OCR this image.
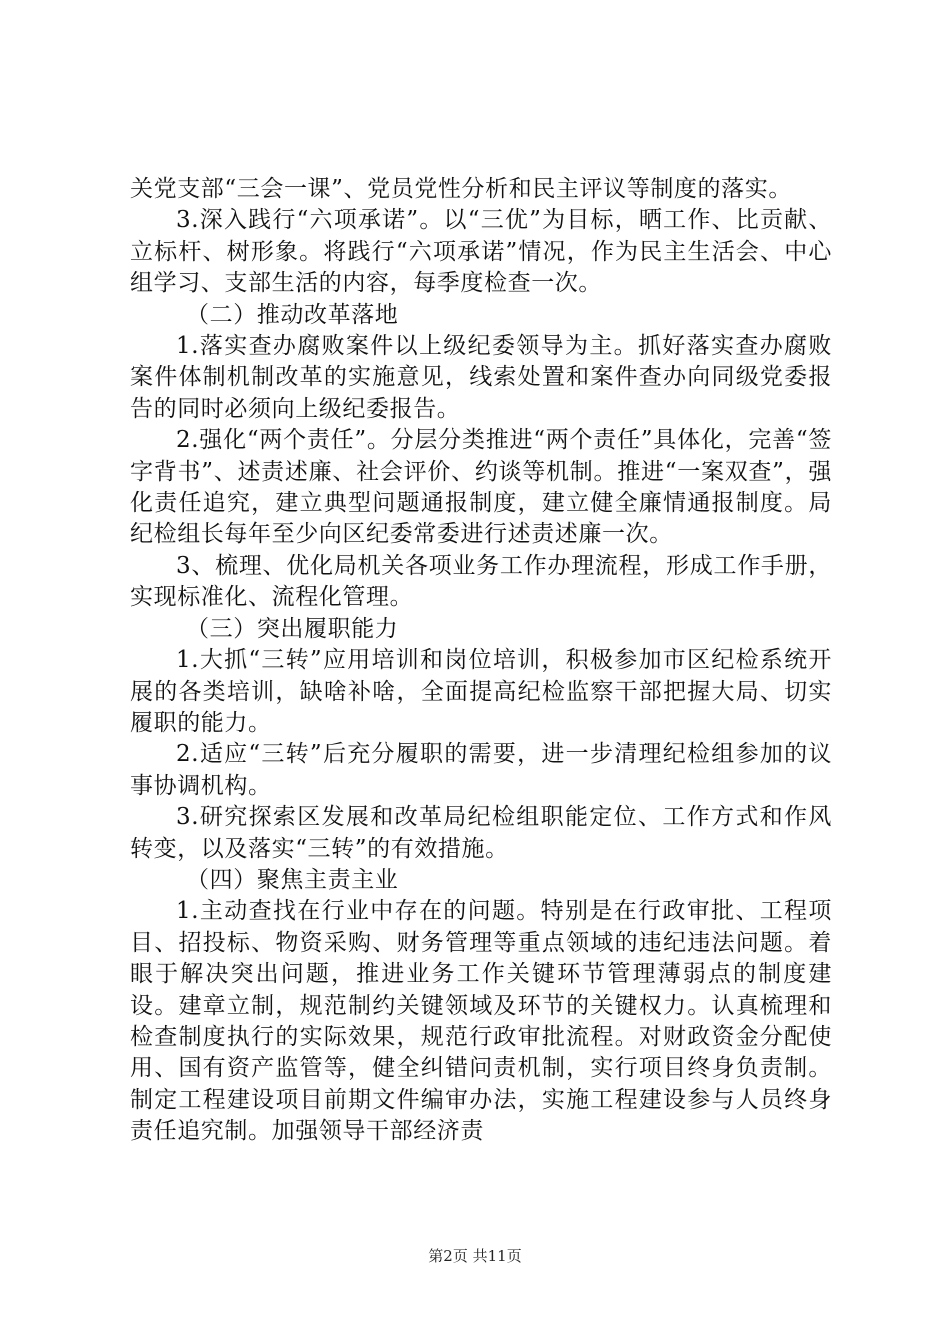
关党支部“三会一课”、党员党性分析和民主评议等制度的落实。

3.深入践行“六项承诺”。以“三优”为目标，晒工作、比贡献、立标杆、树形象。将践行“六项承诺”情况，作为民主生活会、中心组学习、支部生活的内容，每季度检查一次。

（二）推动改革落地

1.落实查办腐败案件以上级纪委领导为主。抓好落实查办腐败案件体制机制改革的实施意见，线索处置和案件查办向同级党委报告的同时必须向上级纪委报告。

2.强化“两个责任”。分层分类推进“两个责任”具体化，完善“签字背书”、述责述廉、社会评价、约谈等机制。推进“一案双查”，强化责任追究，建立典型问题通报制度，建立健全廉情通报制度。局纪检组长每年至少向区纪委常委进行述责述廉一次。

3、梳理、优化局机关各项业务工作办理流程，形成工作手册，实现标准化、流程化管理。

（三）突出履职能力

1.大抓“三转”应用培训和岗位培训，积极参加市区纪检系统开展的各类培训，缺啥补啥，全面提高纪检监察干部把握大局、切实履职的能力。

2.适应“三转”后充分履职的需要，进一步清理纪检组参加的议事协调机构。

3.研究探索区发展和改革局纪检组职能定位、工作方式和作风转变，以及落实“三转”的有效措施。

（四）聚焦主责主业

1.主动查找在行业中存在的问题。特别是在行政审批、工程项目、招投标、物资采购、财务管理等重点领域的违纪违法问题。着眼于解决突出问题，推进业务工作关键环节管理薄弱点的制度建设。建章立制，规范制约关键领域及环节的关键权力。认真梳理和检查制度执行的实际效果，规范行政审批流程。对财政资金分配使用、国有资产监管等，健全纠错问责机制，实行项目终身负责制。制定工程建设项目前期文件编审办法，实施工程建设参与人员终身责任追究制。加强领导干部经济责

第2页 共11页
